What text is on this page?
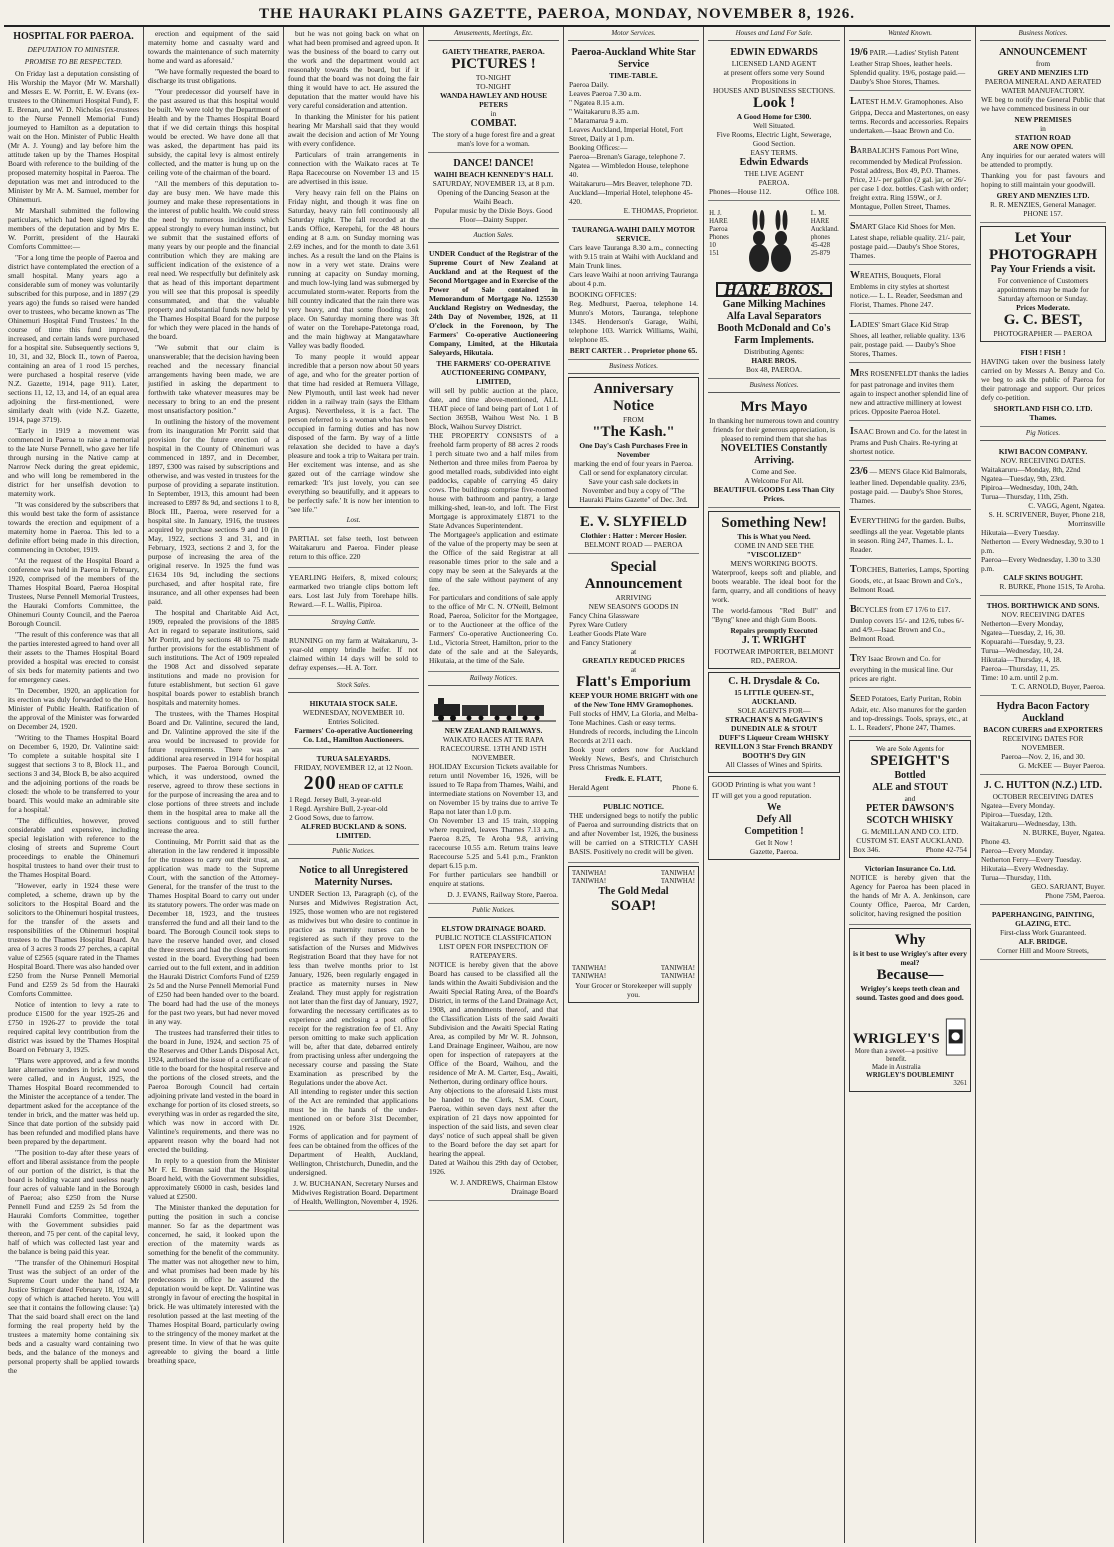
THE HAURAKI PLAINS GAZETTE, PAEROA, MONDAY, NOVEMBER 8, 1926.
HOSPITAL FOR PAEROA.
DEPUTATION TO MINISTER.
PROMISE TO BE RESPECTED.

On Friday last a deputation consisting of His Worship the Mayor (Mr W. Marshall) and Messrs E. W. Porritt, E. W. Evans (ex-trustees to the Ohinemuri Hospital Fund), F. E. Brenan, and W. D. Nicholas (ex-trustees to the Nurse Pennell Memorial Fund) journeyed to Hamilton as a deputation to wait on the Hon. Minister of Public Health (Mr A. J. Young) and lay before him the attitude taken up by the Thames Hospital Board with reference to the building of the proposed maternity hospital in Paeroa. The deputation was met and introduced to the Minister by Mr A. M. Samuel, member for Ohinemuri.

Mr Marshall submitted the following particulars, which had been signed by the members of the deputation and by Mrs E. W. Porritt, president of the Hauraki Comforts Committee:—

"For a long time the people of Paeroa and district have contemplated the erection of a small hospital. Many years ago a considerable sum of money was voluntarily subscribed for this purpose, and in 1897 (29 years ago) the funds so raised were handed over to trustees, who became known as 'The Ohinemuri Hospital Fund Trustees.' In the course of time this fund improved, increased, and certain lands were purchased for a hospital site. Subsequently sections 9, 10, 31, and 32, Block II., town of Paeroa, containing an area of 1 rood 15 perches, were purchased a hospital reserve (vide N.Z. Gazette, 1914, page 911). Later, sections 11, 12, 13, and 14, of an equal area adjoining the first-mentioned, were similarly dealt with (vide N.Z. Gazette, 1914, page 3719).

"Early in 1919 a movement was commenced in Paeroa to raise a memorial to the late Nurse Pennell, who gave her life through nursing in the Native camp at Narrow Neck during the great epidemic, and who will long be remembered in the district for her unselfish devotion to maternity work.

"It was considered by the subscribers that this would best take the form of assistance towards the erection and equipment of a maternity home in Paeroa. This led to a definite effort being made in this direction, commencing in October, 1919.

"At the request of the Hospital Board a conference was held in Paeroa in February, 1920, comprised of the members of the Thames Hospital Board, Paeroa Hospital Trustees, Nurse Pennell Memorial Trustees, the Hauraki Comforts Committee, the Ohinemuri County Council, and the Paeroa Borough Council.

"The result of this conference was that all the parties interested agreed to hand over all their assets to the Thames Hospital Board provided a hospital was erected to consist of six beds for maternity patients and two for emergency cases.

"In December, 1920, an application for its erection was duly forwarded to the Hon. Minister of Public Health. Ratification of the approval of the Minister was forwarded on December 24, 1920.

"Writing to the Thames Hospital Board on December 6, 1920, Dr. Valintine said: 'To complete a suitable hospital site I suggest that sections 3 to 8, Block 11., and sections 3 and 34, Block B, be also acquired and the adjoining portions of the roads be closed: the whole to be transferred to your board. This would make an admirable site for a hospital.'

"The difficulties, however, proved considerable and expensive, including special legislation with reference to the closing of streets and Supreme Court proceedings to enable the Ohinemuri hospital trustees to hand over their trust to the Thames Hospital Board.

"However, early in 1924 these were completed, a scheme, drawn up by the solicitors to the Hospital Board and the solicitors to the Ohinemuri hospital trustees, for the transfer of the assets and responsibilities of the Ohinemuri hospital trustees to the Thames Hospital Board. An area of 3 acres 3 roods 27 perches, a capital value of £2565 (square rated in the Thames Hospital Board. There was also handed over £250 from the Nurse Pennell Memorial Fund and £259 2s 5d from the Hauraki Comforts Committee.

Notice of intention to levy a rate to produce £1500 for the year 1925-26 and £750 in 1926-27 to provide the total required capital levy contribution from the district was issued by the Thames Hospital Board on February 3, 1925.

"Plans were approved, and a few months later alternative tenders in brick and wood were called, and in August, 1925, the Thames Hospital Board recommended to the Minister the acceptance of a tender. The department asked for the acceptance of the tender in brick, and the matter was held up. Since that date portion of the subsidy paid has been refunded and modified plans have been prepared by the department.

"The position to-day after these years of effort and liberal assistance from the people of our portion of the district, is that the board is holding vacant and useless nearly four acres of valuable land in the Borough of Paeroa; also £250 from the Nurse Pennell Fund and £259 2s 5d from the Hauraki Comforts Committee, together with the Government subsidies paid thereon, and 75 per cent. of the capital levy, half of which was collected last year and the balance is being paid this year.

"The transfer of the Ohinemuri Hospital Trust was the subject of an order of the Supreme Court under the hand of Mr Justice Stringer dated February 18, 1924, a copy of which is attached hereto. You will see that it contains the following clause: '(a) That the said board shall erect on the land forming the real property held by the trustees a maternity home containing six beds and a casualty ward containing two beds, and the balance of the moneys and personal property shall be applied towards the

erection and equipment of the said maternity home and casualty ward and towards the maintenance of such maternity home and ward as aforesaid.'

"We have formally requested the board to discharge its trust obligations.

"Your predecessor did yourself have in the past assured us that this hospital would be built. We were told by the Department of Health and by the Thames Hospital Board that if we did certain things this hospital would be erected. We have done all that was asked, the department has paid its subsidy, the capital levy is almost entirely collected, and the matter is hung up on the ceiling vote of the chairman of the board.

"All the members of this deputation to-day are busy men. We have made this journey and make these representations in the interest of public health. We could stress the need by numerous incidents which appeal strongly to every human instinct, but we submit that the sustained efforts of many years by our people and the financial contribution which they are making are sufficient indication of the existence of a real need. We respectfully but definitely ask that as head of this important department you will see that this proposal is speedily consummated, and that the valuable property and substantial funds now held by the Thames Hospital Board for the purpose for which they were placed in the hands of the board.

"We submit that our claim is unanswerable; that the decision having been reached and the necessary financial arrangements having been made, we are justified in asking the department to forthwith take whatever measures may be necessary to bring to an end the present most unsatisfactory position."

In outlining the history of the movement from its inauguration Mr Porritt said that provision for the future erection of a hospital in the County of Ohinemuri was commenced in 1897, and in December, 1897, £300 was raised by subscriptions and otherwise, and was vested in trustees for the purpose of providing a separate institution. In September, 1913, this amount had been increased to £897 8s 9d, and sections 1 to 8, Block III., Paeroa, were reserved for a hospital site. In January, 1916, the trustees acquired by purchase sections 9 and 10 (in May, 1922, sections 3 and 31, and in February, 1923, sections 2 and 3, for the purpose of increasing the area of the original reserve. In 1925 the fund was £1634 10s 9d, including the sections purchased, and after hospital rate, fire insurance, and all other expenses had been paid.

The hospital and Charitable Aid Act, 1909, repealed the provisions of the 1885 Act in regard to separate institutions, said Mr Porritt, and by sections 48 to 75 made further provisions for the establishment of such institutions. The Act of 1909 repealed the 1908 Act and dissolved separate institutions and made no provision for future establishment, but section 61 gave hospital boards power to establish branch hospitals and maternity homes.

The trustees, with the Thames Hospital Board and Dr. Valintine, secured the land, and Dr. Valintine approved the site if the area would be increased to provide for future requirements. There was an additional area reserved in 1914 for hospital purposes. The Paeroa Borough Council, which, it was understood, owned the reserve, agreed to throw these sections in for the purpose of increasing the area and to close portions of three streets and include them in the hospital area to make all the sections contiguous and to still further increase the area.

Continuing, Mr Porritt said that as the alteration in the law rendered it impossible for the trustees to carry out their trust, an application was made to the Supreme Court, with the sanction of the Attorney-General, for the transfer of the trust to the Thames Hospital Board to carry out under its statutory powers. The order was made on December 18, 1923, and the trustees transferred the fund and all their land to the board. The Borough Council took steps to have the reserve handed over, and closed the three streets and had the closed portions vested in the board. Everything had been carried out to the full extent, and in addition the Hauraki District Comforts Fund of £259 2s 5d and the Nurse Pennell Memorial Fund of £250 had been handed over to the board. The board had had the use of the moneys for the past two years, but had never moved in any way.

The trustees had transferred their titles to the board in June, 1924, and section 75 of the Reserves and Other Lands Disposal Act, 1924, authorised the issue of a certificate of title to the board for the hospital reserve and the portions of the closed streets, and the Paeroa Borough Council had certain adjoining private land vested in the board in exchange for portion of its closed streets, so everything was in order as regarded the site, which was now in accord with Dr. Valintine's requirements, and there was no apparent reason why the board had not erected the building.

In reply to a question from the Minister Mr F. E. Brenan said that the Hospital Board held, with the Government subsidies, approximately £6000 in cash, besides land valued at £2500.

The Minister thanked the deputation for putting the position in such a concise manner. So far as the department was concerned, he said, it looked upon the erection of the maternity wards as something for the benefit of the community. The matter was not altogether new to him, and what promises had been made by his predecessors in office he assured the deputation would be kept. Dr. Valintine was strongly in favour of erecting the hospital in brick. He was ultimately interested with the resolution passed at the last meeting of the Thames Hospital Board, particularly owing to the stringency of the money market at the present time. In view of that he was quite agreeable to giving the board a little breathing space,

but he was not going back on what on what had been promised and agreed upon. It was the business of the board to carry out the work and the department would act reasonably towards the board, but if it found that the board was not doing the fair thing it would have to act. He assured the deputation that the matter would have his very careful consideration and attention.

In thanking the Minister for his patient hearing Mr Marshall said that they would await the decision and action of Mr Young with every confidence.

Particulars of train arrangements in connection with the Waikato races at Te Rapa Racecourse on November 13 and 15 are advertised in this issue.

Very heavy rain fell on the Plains on Friday night, and though it was fine on Saturday, heavy rain fell continuously all Saturday night. The fall recorded at the Lands Office, Kerepehi, for the 48 hours ending at 8 a.m. on Sunday morning was 2.69 inches, and for the month to date 3.61 inches. As a result the land on the Plains is now in a very wet state. Drains were running at capacity on Sunday morning, and much low-lying land was submerged by accumulated storm-water. Reports from the hill country indicated that the rain there was very heavy, and that some flooding took place. On Saturday morning there was 3ft of water on the Torehape-Patetonga road, and the main highway at Mangatawhare Valley was badly flooded.

To many people it would appear incredible that a person now about 50 years of age, and who for the greater portion of that time had resided at Remuera Village, New Plymouth, until last week had never ridden in a railway train (says the Eltham Argus). Nevertheless, it is a fact. The person referred to is a woman who has been occupied in farming duties and has now disposed of the farm. By way of a little relaxation she decided to have a day's pleasure and took a trip to Waitara per train. Her excitement was intense, and as she gazed out of the carriage window she remarked: 'It's just lovely, you can see everything so beautifully, and it appears to be perfectly safe.' It is now her intention to "see life."

Lost.

PARTIAL set false teeth, lost between Waitakaruru and Paeroa. Finder please return to this office. 220

YEARLING Heifers, 8, mixed colours; earmarked two triangle clips bottom left ears. Lost last July from Torehape hills. Reward.—F. L. Wallis, Pipiroa.

Straying Cattle.

RUNNING on my farm at Waitakaruru, 3-year-old empty brindle heifer. If not claimed within 14 days will be sold to defray expenses.—H. A. Torr.

Stock Sales.
HIKUTAIA STOCK SALE.
WEDNESDAY, NOVEMBER 10.
Entries Solicited.
Farmers' Co-operative Auctioneering Co. Ltd., Hamilton Auctioneers.
TURUA SALEYARDS.
FRIDAY, NOVEMBER 12, at 12 Noon.
200 HEAD OF CATTLE
1 Regd. Jersey Bull, 3-year-old
1 Regd. Ayrshire Bull, 2-year-old
2 Good Sows, due to farrow.
ALFRED BUCKLAND & SONS. LIMITED.
Public Notices.
Notice to all Unregistered Maternity Nurses.

UNDER Section 13, Paragraph (c), of the Nurses and Midwives Registration Act, 1925, those women who are not registered as midwives but who desire to continue in practice as maternity nurses can be registered as such if they prove to the satisfaction of the Nurses and Midwives Registration Board that they have for not less than twelve months prior to 1st January, 1926, been regularly engaged in practice as maternity nurses in New Zealand. They must apply for registration not later than the first day of January, 1927, forwarding the necessary certificates as to experience and enclosing a post office receipt for the registration fee of £1. Any person omitting to make such application will be, after that date, debarred entirely from practising unless after undergoing the necessary course and passing the State Examination as prescribed by the Regulations under the above Act.
All intending to register under this section of the Act are reminded that applications must be in the hands of the under-mentioned on or before 31st December, 1926.
Forms of application and for payment of fees can be obtained from the offices of the Department of Health, Auckland, Wellington, Christchurch, Dunedin, and the undersigned.

J. W. BUCHANAN, Secretary Nurses and Midwives Registration Board. Department of Health, Wellington, November 4, 1926.
Amusements, Meetings, Etc.
GAIETY THEATRE, PAEROA.
PICTURES !
TO-NIGHT
TO-NIGHT
WANDA HAWLEY AND HOUSE PETERS
in
COMBAT.
The story of a huge forest fire and a great man's love for a woman.
DANCE! DANCE!
WAIHI BEACH KENNEDY'S HALL
SATURDAY, NOVEMBER 13, at 8 p.m.
Opening of the Dancing Season at the Waihi Beach.
Popular music by the Dixie Boys. Good Floor—Dainty Supper.
Auction Sales.

UNDER Conduct of the Registrar of the Supreme Court of New Zealand at Auckland and at the Request of the Second Mortgagee and in Exercise of the Power of Sale contained in Memorandum of Mortgage No. 125530 Auckland Registry on Wednesday, the 24th Day of November, 1926, at 11 O'clock in the Forenoon, by The Farmers' Co-operative Auctioneering Company, Limited, at the Hikutaia Saleyards, Hikutaia.

THE FARMERS' CO-OPERATIVE AUCTIONEERING COMPANY, LIMITED,

will sell by public auction at the place, date, and time above-mentioned, ALL THAT piece of land being part of Lot 1 of Section 3695B, Waihou West No. 1 B Block, Waihou Survey District.
THE PROPERTY CONSISTS of a freehold farm property of 88 acres 2 roods 1 perch situate two and a half miles from Netherton and three miles from Paeroa by good metalled roads, subdivided into eight paddocks, capable of carrying 45 dairy cows. The buildings comprise five-roomed house with bathroom and pantry, a large milking-shed, lean-to, and loft. The First Mortgage is approximately £1871 to the State Advances Superintendent.
The Mortgagee's application and estimate of the value of the property may be seen at the Office of the said Registrar at all reasonable times prior to the sale and a copy may be seen at the Saleyards at the time of the sale without payment of any fee.
For particulars and conditions of sale apply to the office of Mr C. N. O'Neill, Belmont Road, Paeroa, Solicitor for the Mortgagee, or to the Auctioneer at the office of the Farmers' Co-operative Auctioneering Co. Ltd., Victoria Street, Hamilton, prior to the date of the sale and at the Saleyards, Hikutaia, at the time of the Sale.

Railway Notices.
NEW ZEALAND RAILWAYS.
WAIKATO RACES AT TE RAPA RACECOURSE. 13TH AND 15TH NOVEMBER.

HOLIDAY Excursion Tickets available for return until November 16, 1926, will be issued to Te Rapa from Thames, Waihi, and intermediate stations on November 13, and on November 15 by trains due to arrive Te Rapa not later than 1.0 p.m.
On November 13 and 15 train, stopping where required, leaves Thames 7.13 a.m., Paeroa 8.25, Te Aroha 9.8, arriving racecourse 10.55 a.m. Return trains leave Racecourse 5.25 and 5.41 p.m., Frankton depart 6.15 p.m.
For further particulars see handbill or enquire at stations.

D. J. EVANS, Railway Store, Paeroa.
Public Notices.
ELSTOW DRAINAGE BOARD.
PUBLIC NOTICE CLASSIFICATION LIST OPEN FOR INSPECTION OF RATEPAYERS.

NOTICE is hereby given that the above Board has caused to be classified all the lands within the Awaiti Subdivision and the Awaiti Special Rating Area, of the Board's District, in terms of the Land Drainage Act, 1908, and amendments thereof, and that the Classification Lists of the said Awaiti Subdivision and the Awaiti Special Rating Area, as compiled by Mr W. R. Johnson, Land Drainage Engineer, Waihou, are now open for inspection of ratepayers at the Office of the Board, Waihou, and the residence of Mr A. M. Carter, Esq., Awaiti, Netherton, during ordinary office hours.
Any objections to the aforesaid Lists must be handed to the Clerk, S.M. Court, Paeroa, within seven days next after the expiration of 21 days now appointed for inspection of the said lists, and seven clear days' notice of such appeal shall be given to the Board before the day set apart for hearing the appeal.
Dated at Waihou this 29th day of October, 1926.

W. J. ANDREWS, Chairman Elstow Drainage Board
Motor Services.
Paeroa-Auckland White Star Service
TIME-TABLE.
Paeroa Daily.
Leaves Paeroa 7.30 a.m.
" Ngatea 8.15 a.m.
" Waitakaruru 8.35 a.m.
" Maramarua 9 a.m.
Leaves Auckland, Imperial Hotel, Fort Street, Daily at 1 p.m.
Booking Offices:—
Paeroa—Brenan's Garage, telephone 7.
Ngatea — Wimbledon House, telephone 40.
Waitakaruru—Mrs Beaver, telephone 7D.
Auckland—Imperial Hotel, telephone 45-420.
E. THOMAS, Proprietor.
TAURANGA-WAIHI DAILY MOTOR SERVICE.

Cars leave Tauranga 8.30 a.m., connecting with 9.15 train at Waihi with Auckland and Main Trunk lines.
Cars leave Waihi at noon arriving Tauranga about 4 p.m.

BOOKING OFFICES:
Reg. Medhurst, Paeroa, telephone 14. Munro's Motors, Tauranga, telephone 134S. Henderson's Garage, Waihi, telephone 103. Warrick Williams, Waihi, telephone 85.

BERT CARTER . . Proprietor phone 65.
Business Notices.
Anniversary Notice
FROM
"The Kash."
One Day's Cash Purchases Free in November
marking the end of four years in Paeroa.
Call or send for explanatory circular.
Save your cash sale dockets in November and buy a copy of "The Hauraki Plains Gazette" of Dec. 3rd.
E. V. SLYFIELD
Clothier : Hatter : Mercer Hosier.
BELMONT ROAD — PAEROA
Special Announcement
ARRIVING
NEW SEASON'S GOODS IN
Fancy China Glassware
Pyrex Ware Cutlery
Leather Goods Plate Ware
and Fancy Stationery
at
GREATLY REDUCED PRICES
at
Flatt's Emporium
KEEP YOUR HOME BRIGHT with one of the New Tone HMV Gramophones.

Full stocks of HMV, La Gloria, and Melba-Tone Machines. Cash or easy terms.
Hundreds of records, including the Lincoln Records at 2/11 each.
Book your orders now for Auckland Weekly News, Best's, and Christchurch Press Christmas Numbers.

Fredk. E. FLATT,
Herald Agent	Phone 6.
PUBLIC NOTICE.

THE undersigned begs to notify the public of Paeroa and surrounding districts that on and after November 1st, 1926, the business will be carried on a STRICTLY CASH BASIS. Positively no credit will be given.

TANIWHA!
TANIWHA!
TANIWHA!
TANIWHA!
The Gold Medal
SOAP!
TANIWHA!
TANIWHA!
TANIWHA!
TANIWHA!
Your Grocer or Storekeeper will supply you.
Houses and Land For Sale.
EDWIN EDWARDS
LICENSED LAND AGENT
at present offers some very Sound Propositions in
HOUSES AND BUSINESS SECTIONS.
Look !
A Good Home for £300.
Well Situated.
Five Rooms, Electric Light, Sewerage, Good Section.
EASY TERMS.
Edwin Edwards
THE LIVE AGENT
PAEROA.
Phones—House 112.	Office 108.
H. J.
HARE
Paeroa
Phones
10
151
L. M.
HARE
Auckland.
phones
45-428
25-879
HARE BROS.
Gane Milking Machines
Alfa Laval Separators
Booth McDonald and Co's Farm Implements.
Distributing Agents:
HARE BROS.
Box 48, PAEROA.
Business Notices.
Mrs Mayo
In thanking her numerous town and country friends for their generous appreciation, is pleased to remind them that she has
NOVELTIES Constantly Arriving.
Come and See.
A Welcome For All.
BEAUTIFUL GOODS Less Than City Prices.
Something New!
This is What you Need.
COME IN AND SEE THE
"VISCOLIZED"
MEN'S WORKING BOOTS.

Waterproof, keeps soft and pliable, and boots wearable. The ideal boot for the farm, quarry, and all conditions of heavy work.

The world-famous "Red Bull" and "Byng" knee and thigh Gum Boots.

Repairs promptly Executed
J. T. WRIGHT
FOOTWEAR IMPORTER, BELMONT RD., PAEROA.
C. H. Drysdale & Co.
15 LITTLE QUEEN-ST., AUCKLAND.
SOLE AGENTS FOR—
STRACHAN'S & McGAVIN'S DUNEDIN ALE & STOUT
DUFF'S Liqueur Cream WHISKY
REVILLON 3 Star French BRANDY
BOOTH'S Dry GIN
All Classes of Wines and Spirits.

GOOD Printing is what you want !

IT will get you a good reputation.

We
Defy All
Competition !
Get It Now !
Gazette, Paeroa.
Wanted Known.
19/6 PAIR.—Ladies' Stylish Patent Leather Strap Shoes, leather heels. Splendid quality. 19/6, postage paid.—Dauby's Shoe Stores, Thames.
LATEST H.M.V. Gramophones. Also Grippa, Decca and Mastertones, on easy terms. Records and accessories. Repairs undertaken.—Isaac Brown and Co.
BARBALICH'S Famous Port Wine, recommended by Medical Profession. Postal address, Box 49, P.O. Thames. Price, 21/- per gallon (2 gal. jar, or 26/- per case 1 doz. bottles. Cash with order; freight extra. Ring 159W., or J. Montague, Pollen Street, Thames.
SMART Glace Kid Shoes for Men. Latest shape, reliable quality. 21/- pair, postage paid.—Dauby's Shoe Stores, Thames.
WREATHS, Bouquets, Floral Emblems in city styles at shortest notice.— L. L. Reader, Seedsman and Florist, Thames. Phone 247.
LADIES' Smart Glace Kid Strap Shoes, all leather, reliable quality. 13/6 pair, postage paid. — Dauby's Shoe Stores, Thames.
MRS ROSENFELDT thanks the ladies for past patronage and invites them again to inspect another splendid line of new and attractive millinery at lowest prices. Opposite Paeroa Hotel.
ISAAC Brown and Co. for the latest in Prams and Push Chairs. Re-tyring at shortest notice.
23/6 — MEN'S Glace Kid Balmorals, leather lined. Dependable quality. 23/6, postage paid. — Dauby's Shoe Stores, Thames.
EVERYTHING for the garden. Bulbs, seedlings all the year. Vegetable plants in season. Ring 247, Thames. L. L. Reader.
TORCHES, Batteries, Lamps, Sporting Goods, etc., at Isaac Brown and Co's., Belmont Road.
BICYCLES from £7 17/6 to £17. Dunlop covers 15/- and 12/6, tubes 6/- and 4/9.—Isaac Brown and Co., Belmont Road.
TRY Isaac Brown and Co. for everything in the musical line. Our prices are right.
SEED Potatoes, Early Puritan, Robin Adair, etc. Also manures for the garden and top-dressings. Tools, sprays, etc., at L. L. Readers', Phone 247, Thames.
We are Sole Agents for
SPEIGHT'S
Bottled
ALE and STOUT
and
PETER DAWSON'S
SCOTCH WHISKY
G. McMILLAN AND CO. LTD.
CUSTOM ST. EAST AUCKLAND.
Box 346.	Phone 42-754
Victorian Insurance Co. Ltd.

NOTICE is hereby given that the Agency for Paeroa has been placed in the hands of Mr A. A. Jenkinson, care County Office, Paeroa, Mr Carden, solicitor, having resigned the position

Why
is it best to use Wrigley's after every meal?
Because—
Wrigley's keeps teeth clean and sound. Tastes good and does good.
WRIGLEY'S
More than a sweet—a positive benefit.
Made in Australia
WRIGLEY'S DOUBLEMINT
3261
Business Notices.
ANNOUNCEMENT
from
GREY AND MENZIES LTD
PAEROA MINERAL AND AERATED WATER MANUFACTORY.

WE beg to notify the General Public that we have commenced business in our

NEW PREMISES
in
STATION ROAD
ARE NOW OPEN.

Any inquiries for our aerated waters will be attended to promptly.

Thanking you for past favours and hoping to still maintain your goodwill.

GREY AND MENZIES LTD.
R. R. MENZIES, General Manager.
PHONE 157.
Let Your
PHOTOGRAPH
Pay Your Friends a visit.
For convenience of Customers appointments may be made for Saturday afternoon or Sunday.
Prices Moderate.
G. C. BEST,
PHOTOGRAPHER — PAEROA
FISH ! FISH !

HAVING taken over the business lately carried on by Messrs A. Benzy and Co. we beg to ask the public of Paeroa for their patronage and support. Our prices defy co-petition.

SHORTLAND FISH CO. LTD. Thames.
Pig Notices.
KIWI BACON COMPANY.
NOV. RECEIVING DATES.
Waitakaruru—Monday, 8th, 22nd
Ngatea—Tuesday, 9th, 23rd.
Pipiroa—Wednesday, 10th, 24th.
Turua—Thursday, 11th, 25th.
C. VAGG, Agent, Ngatea.
S. H. SCRIVENER, Buyer, Phone 218, Morrinsville
Hikutaia—Every Tuesday.
Netherton — Every Wednesday, 9.30 to 1 p.m.
Paeroa—Every Wednesday, 1.30 to 3.30 p.m.
CALF SKINS BOUGHT.
R. BURKE, Phone 151S, Te Aroha.
THOS. BORTHWICK AND SONS.
NOV. RECEIVING DATES
Netherton—Every Monday,
Ngatea—Tuesday, 2, 16, 30.
Kopuarahi—Tuesday, 9, 23.
Turua—Wednesday, 10, 24.
Hikutaia—Thursday, 4, 18.
Paeroa—Thursday, 11, 25.
Time: 10 a.m. until 2 p.m.
T. C. ARNOLD, Buyer, Paeroa.
Hydra Bacon Factory Auckland
BACON CURERS and EXPORTERS
RECEIVING DATES FOR NOVEMBER.
Paeroa—Nov. 2, 16, and 30.
G. McKEE — Buyer Paeroa.
J. C. HUTTON (N.Z.) LTD.
OCTOBER RECEIVING DATES
Ngatea—Every Monday.
Pipiroa—Tuesday, 12th.
Waitakaruru—Wednesday, 13th.
N. BURKE, Buyer, Ngatea.
Phone 43.
Paeroa—Every Monday.
Netherton Ferry—Every Tuesday.
Hikutaia—Every Wednesday.
Turua—Thursday, 11th.
GEO. SARJANT, Buyer.
Phone 75M, Paeroa.
PAPERHANGING, PAINTING, GLAZING, ETC.
First-class Work Guaranteed.
ALF. BRIDGE.
Corner Hill and Moore Streets,
